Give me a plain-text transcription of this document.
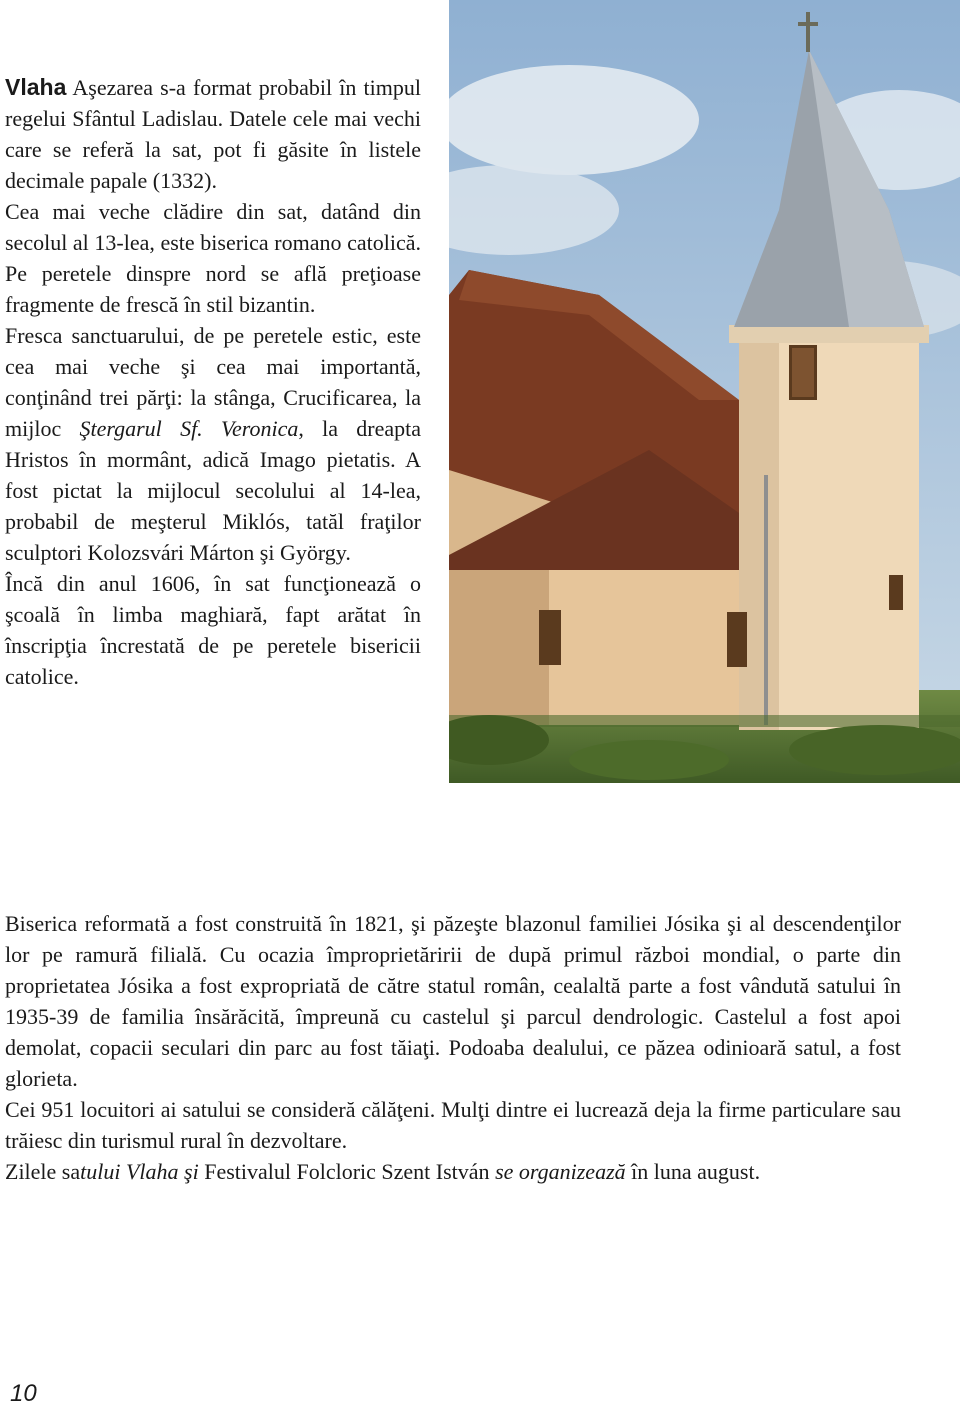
Vlaha Aşezarea s-a format probabil în timpul regelui Sfântul Ladislau. Datele cele mai vechi care se referă la sat, pot fi găsite în listele decimale papale (1332).

Cea mai veche clădire din sat, datând din secolul al 13-lea, este biserica romano catolică. Pe peretele dinspre nord se află preţioase fragmente de frescă în stil bizantin.

Fresca sanctuarului, de pe peretele estic, este cea mai veche şi cea mai importantă, conţinând trei părţi: la stânga, Crucificarea, la mijloc Ştergarul Sf. Veronica, la dreapta Hristos în mormânt, adică Imago pietatis. A fost pictat la mijlocul secolului al 14-lea, probabil de meşterul Miklós, tatăl fraţilor sculptori Kolozsvári Márton şi György.

Încă din anul 1606, în sat funcţionează o şcoală în limba maghiară, fapt arătat în înscripţia încrestată de pe peretele bisericii catolice.

Biserica reformată a fost construită în 1821, şi păzeşte blazonul familiei Jósika şi al descendenţilor lor pe ramură filială. Cu ocazia împroprietăririi de după primul război mondial, o parte din proprietatea Jósika a fost expropriată de către statul român, cealaltă parte a fost vândută satului în 1935-39 de familia însărăcită, împreună cu castelul şi parcul dendrologic. Castelul a fost apoi demolat, copacii seculari din parc au fost tăiaţi. Podoaba dealului, ce păzea odinioară satul, a fost glorieta.

Cei 951 locuitori ai satului se consideră călăţeni. Mulţi dintre ei lucrează deja la firme particulare sau trăiesc din turismul rural în dezvoltare.

Zilele satului Vlaha şi Festivalul Folcloric Szent István se organizează în luna august.

10
